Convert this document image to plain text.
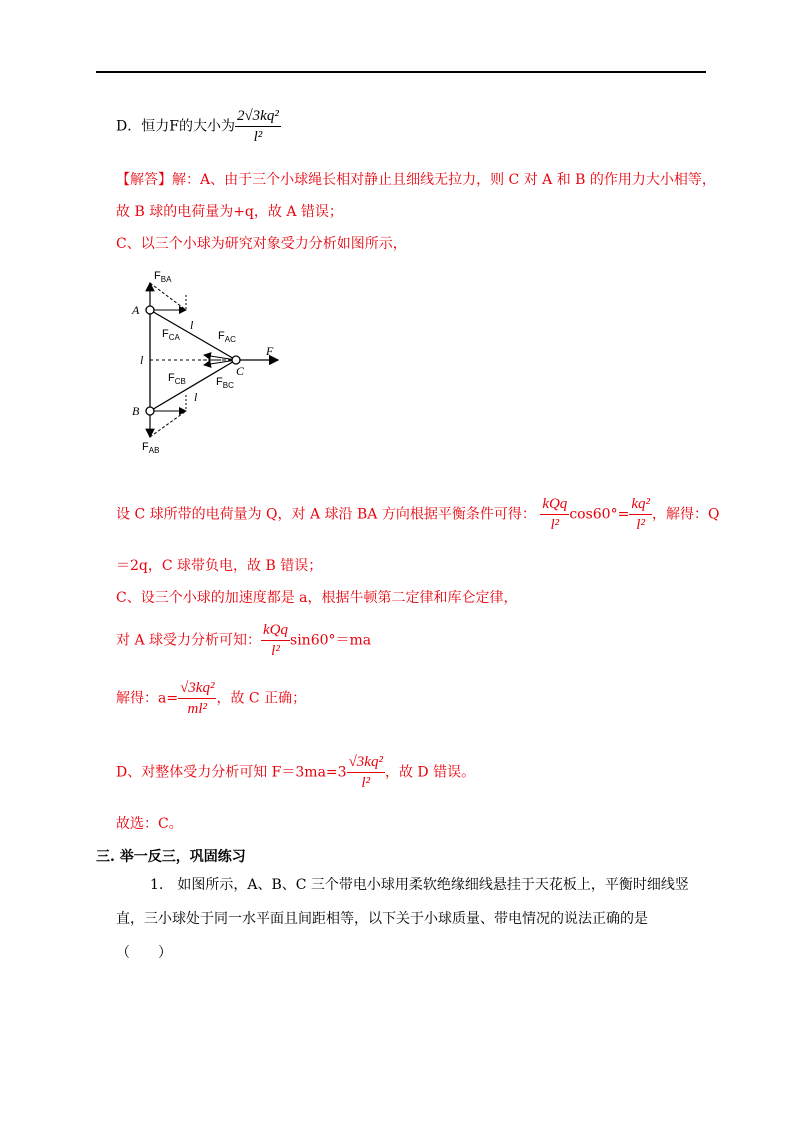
D．恒力F的大小为 $\frac{\text{2√3kq²}}{\text{l²}}$
【解答】解：A、由于三个小球绳长相对静止且细线无拉力，则 C 对 A 和 B 的作用力大小相等，
故 B 球的电荷量为+q，故 A 错误；
C、以三个小球为研究对象受力分析如图所示，
$F_{BA}$
A
l
$F_{CA}$	$F_{AC}$
F
l
C
$F_{CB}$	$F_{BC}$
l
B
$F_{AB}$
设 C 球所带的电荷量为 Q，对 A 球沿 BA 方向根据平衡条件可得： $\frac{\text{kQq}}{\text{l²}} \cos 60^\circ= \frac{\text{kq²}}{\text{l²}}$ ，解得：Q
＝2q，C 球带负电，故 B 错误；
C、设三个小球的加速度都是 a，根据牛顿第二定律和库仑定律，
对 A 球受力分析可知： $\frac{\text{kQq}}{\text{l²}} \sin 60^\circ=ma$
解得：$a= \frac{\text{√3kq²}}{\text{ml²}}$ ，故 C 正确；
D、对整体受力分析可知 $F=3ma=3 \frac{\text{√3kq²}}{\text{l²}}$ ，故 D 错误。
故选：C。
三. 举一反三，巩固练习
1.　如图所示，A、B、C 三个带电小球用柔软绝缘细线悬挂于天花板上，平衡时细线竖
直，三小球处于同一水平面且间距相等，以下关于小球质量、带电情况的说法正确的是
（　　）
